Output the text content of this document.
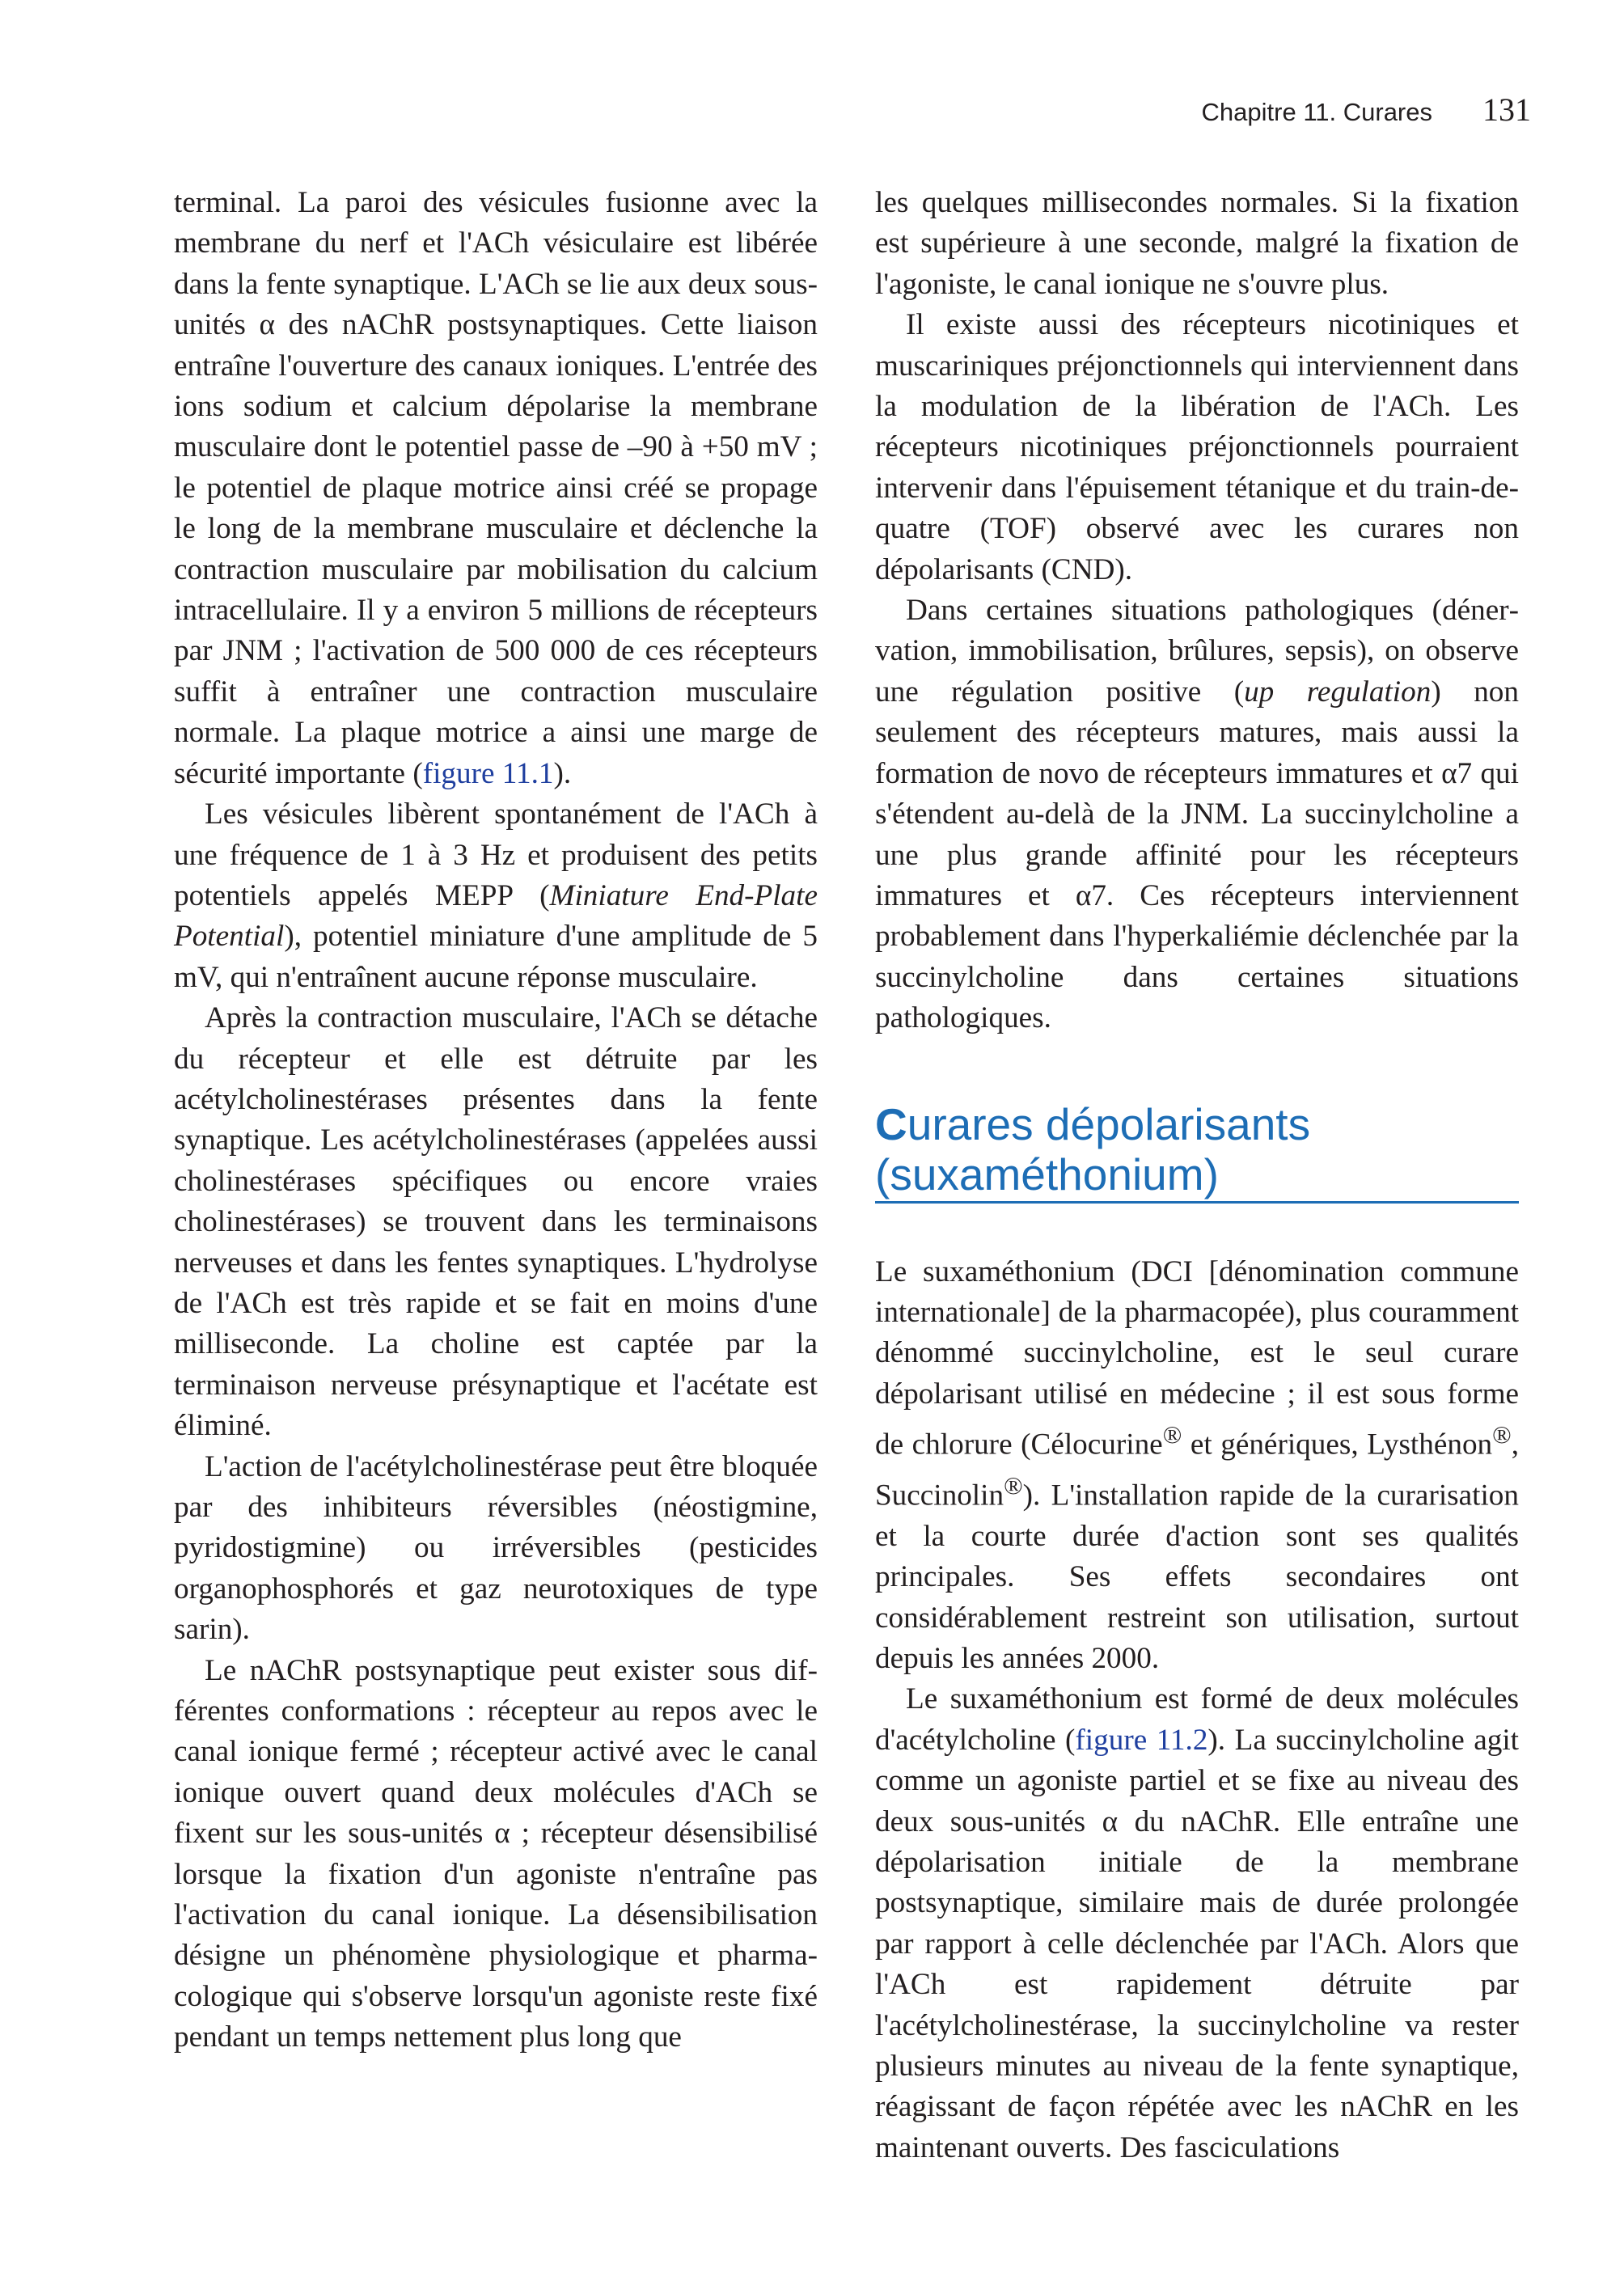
Chapitre 11. Curares 131

terminal. La paroi des vésicules fusionne avec la membrane du nerf et l'ACh vésiculaire est libérée dans la fente synaptique. L'ACh se lie aux deux sous-unités α des nAChR postsynaptiques. Cette liaison entraîne l'ouverture des canaux ioniques. L'entrée des ions sodium et calcium dépolarise la membrane musculaire dont le potentiel passe de –90 à +50 mV ; le potentiel de plaque motrice ainsi créé se propage le long de la membrane musculaire et déclenche la contraction musculaire par mobilisation du calcium intracellulaire. Il y a environ 5 millions de récepteurs par JNM ; l'activation de 500 000 de ces récepteurs suffit à entraîner une contraction musculaire normale. La plaque motrice a ainsi une marge de sécurité importante (figure 11.1).

Les vésicules libèrent spontanément de l'ACh à une fréquence de 1 à 3 Hz et produisent des petits potentiels appelés MEPP (Miniature End-Plate Potential), potentiel miniature d'une amplitude de 5 mV, qui n'entraînent aucune réponse musculaire.

Après la contraction musculaire, l'ACh se détache du récepteur et elle est détruite par les acétylcholinestérases présentes dans la fente synaptique. Les acétylcholinestérases (appelées aussi cholinestérases spécifiques ou encore vraies cholinestérases) se trouvent dans les terminaisons nerveuses et dans les fentes synaptiques. L'hydrolyse de l'ACh est très rapide et se fait en moins d'une milliseconde. La choline est captée par la terminaison nerveuse présynaptique et l'acétate est éliminé.

L'action de l'acétylcholinestérase peut être bloquée par des inhibiteurs réversibles (néostigmine, pyridostigmine) ou irréversibles (pesticides organophosphorés et gaz neurotoxiques de type sarin).

Le nAChR postsynaptique peut exister sous différentes conformations : récepteur au repos avec le canal ionique fermé ; récepteur activé avec le canal ionique ouvert quand deux molécules d'ACh se fixent sur les sous-unités α ; récepteur désensibilisé lorsque la fixation d'un agoniste n'entraîne pas l'activation du canal ionique. La désensibilisation désigne un phénomène physiologique et pharmacologique qui s'observe lorsqu'un agoniste reste fixé pendant un temps nettement plus long que

les quelques millisecondes normales. Si la fixation est supérieure à une seconde, malgré la fixation de l'agoniste, le canal ionique ne s'ouvre plus.

Il existe aussi des récepteurs nicotiniques et muscariniques préjonctionnels qui interviennent dans la modulation de la libération de l'ACh. Les récepteurs nicotiniques préjonctionnels pourraient intervenir dans l'épuisement tétanique et du train-de-quatre (TOF) observé avec les curares non dépolarisants (CND).

Dans certaines situations pathologiques (dénervation, immobilisation, brûlures, sepsis), on observe une régulation positive (up regulation) non seulement des récepteurs matures, mais aussi la formation de novo de récepteurs immatures et α7 qui s'étendent au-delà de la JNM. La succinylcholine a une plus grande affinité pour les récepteurs immatures et α7. Ces récepteurs interviennent probablement dans l'hyperkaliémie déclenchée par la succinylcholine dans certaines situations pathologiques.

Curares dépolarisants (suxaméthonium)

Le suxaméthonium (DCI [dénomination commune internationale] de la pharmacopée), plus couramment dénommé succinylcholine, est le seul curare dépolarisant utilisé en médecine ; il est sous forme de chlorure (Célocurine® et génériques, Lysthénon®, Succinolin®). L'installation rapide de la curarisation et la courte durée d'action sont ses qualités principales. Ses effets secondaires ont considérablement restreint son utilisation, surtout depuis les années 2000.

Le suxaméthonium est formé de deux molécules d'acétylcholine (figure 11.2). La succinylcholine agit comme un agoniste partiel et se fixe au niveau des deux sous-unités α du nAChR. Elle entraîne une dépolarisation initiale de la membrane postsynaptique, similaire mais de durée prolongée par rapport à celle déclenchée par l'ACh. Alors que l'ACh est rapidement détruite par l'acétylcholinestérase, la succinylcholine va rester plusieurs minutes au niveau de la fente synaptique, réagissant de façon répétée avec les nAChR en les maintenant ouverts. Des fasciculations
